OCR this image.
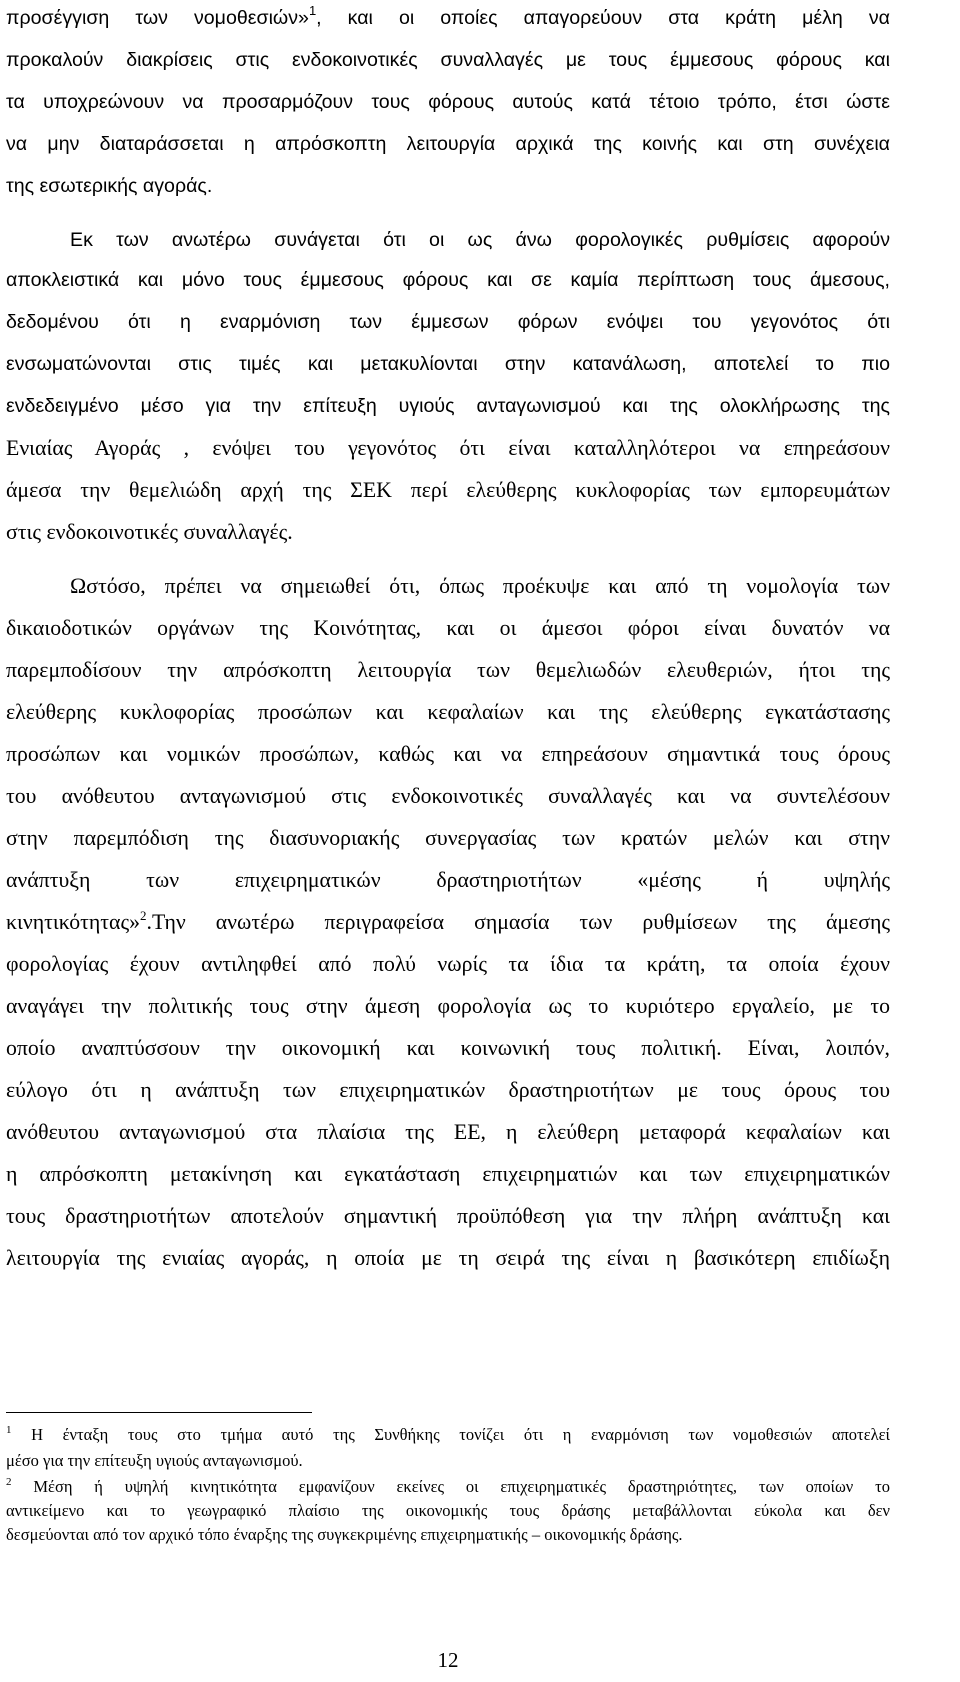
προσέγγιση των νομοθεσιών»$^1$, και οι οποίες απαγορεύουν στα κράτη μέλη να
προκαλούν διακρίσεις στις ενδοκοινοτικές συναλλαγές με τους έμμεσους φόρους και
τα υποχρεώνουν να προσαρμόζουν τους φόρους αυτούς κατά τέτοιο τρόπο, έτσι ώστε
να μην διαταράσσεται η απρόσκοπτη λειτουργία αρχικά της κοινής και στη συνέχεια
της εσωτερικής αγοράς.
Εκ των ανωτέρω συνάγεται ότι οι ως άνω φορολογικές ρυθμίσεις αφορούν
αποκλειστικά και μόνο τους έμμεσους φόρους και σε καμία περίπτωση τους άμεσους,
δεδομένου ότι η εναρμόνιση των έμμεσων φόρων ενόψει του γεγονότος ότι
ενσωματώνονται στις τιμές και μετακυλίονται στην κατανάλωση, αποτελεί το πιο
ενδεδειγμένο μέσο για την επίτευξη υγιούς ανταγωνισμού και της ολοκλήρωσης της
Ενιαίας Αγοράς , ενόψει του γεγονότος ότι είναι καταλληλότεροι να επηρεάσουν
άμεσα την θεμελιώδη αρχή της ΣΕΚ περί ελεύθερης κυκλοφορίας των εμπορευμάτων
στις ενδοκοινοτικές συναλλαγές.
Ωστόσο, πρέπει να σημειωθεί ότι, όπως προέκυψε και από τη νομολογία των
δικαιοδοτικών οργάνων της Κοινότητας, και οι άμεσοι φόροι είναι δυνατόν να
παρεμποδίσουν την απρόσκοπτη λειτουργία των θεμελιωδών ελευθεριών, ήτοι της
ελεύθερης κυκλοφορίας προσώπων και κεφαλαίων και της ελεύθερης εγκατάστασης
προσώπων και νομικών προσώπων, καθώς και να επηρεάσουν σημαντικά τους όρους
του ανόθευτου ανταγωνισμού στις ενδοκοινοτικές συναλλαγές και να συντελέσουν
στην παρεμπόδιση της διασυνοριακής συνεργασίας των κρατών μελών και στην
ανάπτυξη των επιχειρηματικών δραστηριοτήτων «μέσης ή υψηλής
κινητικότητας»$^2$.Την ανωτέρω περιγραφείσα σημασία των ρυθμίσεων της άμεσης
φορολογίας έχουν αντιληφθεί από πολύ νωρίς τα ίδια τα κράτη, τα οποία έχουν
αναγάγει την πολιτικής τους στην άμεση φορολογία ως το κυριότερο εργαλείο, με το
οποίο αναπτύσσουν την οικονομική και κοινωνική τους πολιτική. Είναι, λοιπόν,
εύλογο ότι η ανάπτυξη των επιχειρηματικών δραστηριοτήτων με τους όρους του
ανόθευτου ανταγωνισμού στα πλαίσια της ΕΕ, η ελεύθερη μεταφορά κεφαλαίων και
η απρόσκοπτη μετακίνηση και εγκατάσταση επιχειρηματιών και των επιχειρηματικών
τους δραστηριοτήτων αποτελούν σημαντική προϋπόθεση για την πλήρη ανάπτυξη και
λειτουργία της ενιαίας αγοράς, η οποία με τη σειρά της είναι η βασικότερη επιδίωξη
$^1$ Η ένταξη τους στο τμήμα αυτό της Συνθήκης τονίζει ότι η εναρμόνιση των νομοθεσιών αποτελεί
μέσο για την επίτευξη υγιούς ανταγωνισμού.
$^2$ Μέση ή υψηλή κινητικότητα εμφανίζουν εκείνες οι επιχειρηματικές δραστηριότητες, των οποίων το
αντικείμενο και το γεωγραφικό πλαίσιο της οικονομικής τους δράσης μεταβάλλονται εύκολα και δεν
δεσμεύονται από τον αρχικό τόπο έναρξης της συγκεκριμένης επιχειρηματικής – οικονομικής δράσης.
12
